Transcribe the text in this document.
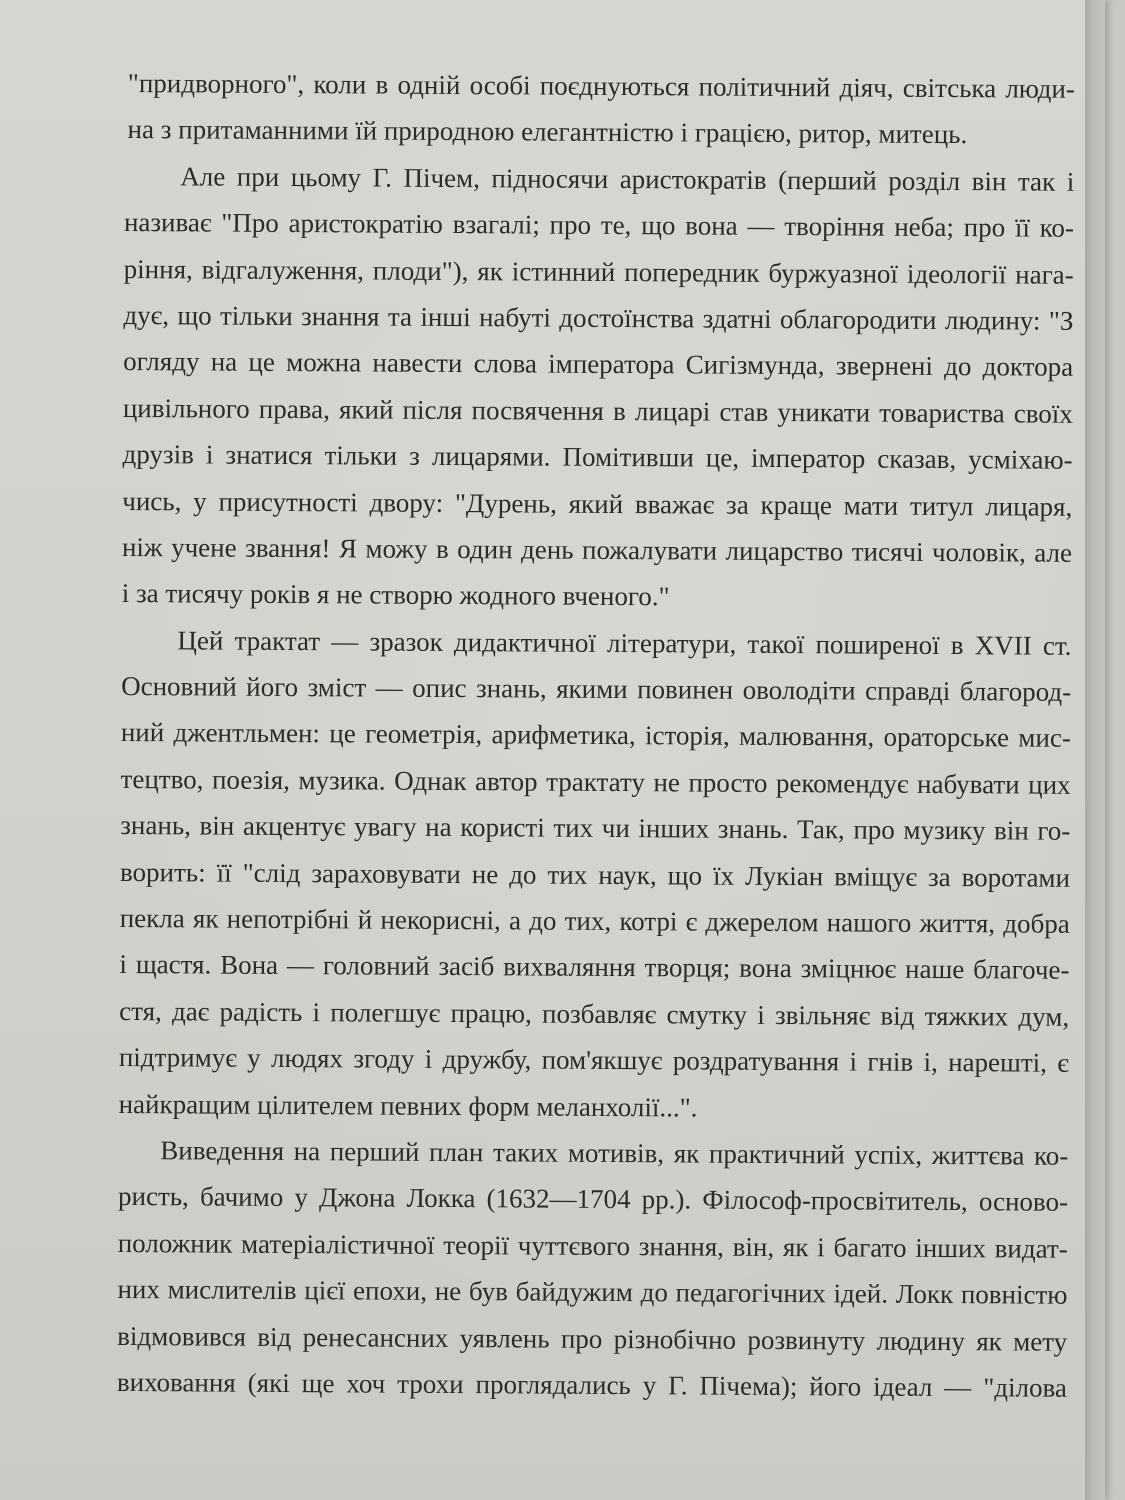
"придворного", коли в одній особі поєднуються політичний діяч, світська люди-
на з притаманними їй природною елегантністю і грацією, ритор, митець.
Але при цьому Г. Пічем, підносячи аристократів (перший розділ він так і
називає "Про аристократію взагалі; про те, що вона — творіння неба; про її ко-
ріння, відгалуження, плоди"), як істинний попередник буржуазної ідеології нага-
дує, що тільки знання та інші набуті достоїнства здатні облагородити людину: "З
огляду на це можна навести слова імператора Сигізмунда, звернені до доктора
цивільного права, який після посвячення в лицарі став уникати товариства своїх
друзів і знатися тільки з лицарями. Помітивши це, імператор сказав, усміхаю-
чись, у присутності двору: "Дурень, який вважає за краще мати титул лицаря,
ніж учене звання! Я можу в один день пожалувати лицарство тисячі чоловік, але
і за тисячу років я не створю жодного вченого."
Цей трактат — зразок дидактичної літератури, такої поширеної в XVII ст.
Основний його зміст — опис знань, якими повинен оволодіти справді благород-
ний джентльмен: це геометрія, арифметика, історія, малювання, ораторське мис-
тецтво, поезія, музика. Однак автор трактату не просто рекомендує набувати цих
знань, він акцентує увагу на користі тих чи інших знань. Так, про музику він го-
ворить: її "слід зараховувати не до тих наук, що їх Лукіан вміщує за воротами
пекла як непотрібні й некорисні, а до тих, котрі є джерелом нашого життя, добра
і щастя. Вона — головний засіб вихваляння творця; вона зміцнює наше благоче-
стя, дає радість і полегшує працю, позбавляє смутку і звільняє від тяжких дум,
підтримує у людях згоду і дружбу, пом'якшує роздратування і гнів і, нарешті, є
найкращим цілителем певних форм меланхолії...".
Виведення на перший план таких мотивів, як практичний успіх, життєва ко-
ристь, бачимо у Джона Локка (1632—1704 рр.). Філософ-просвітитель, осново-
положник матеріалістичної теорії чуттєвого знання, він, як і багато інших видат-
них мислителів цієї епохи, не був байдужим до педагогічних ідей. Локк повністю
відмовився від ренесансних уявлень про різнобічно розвинуту людину як мету
виховання (які ще хоч трохи проглядались у Г. Пічема); його ідеал — "ділова
